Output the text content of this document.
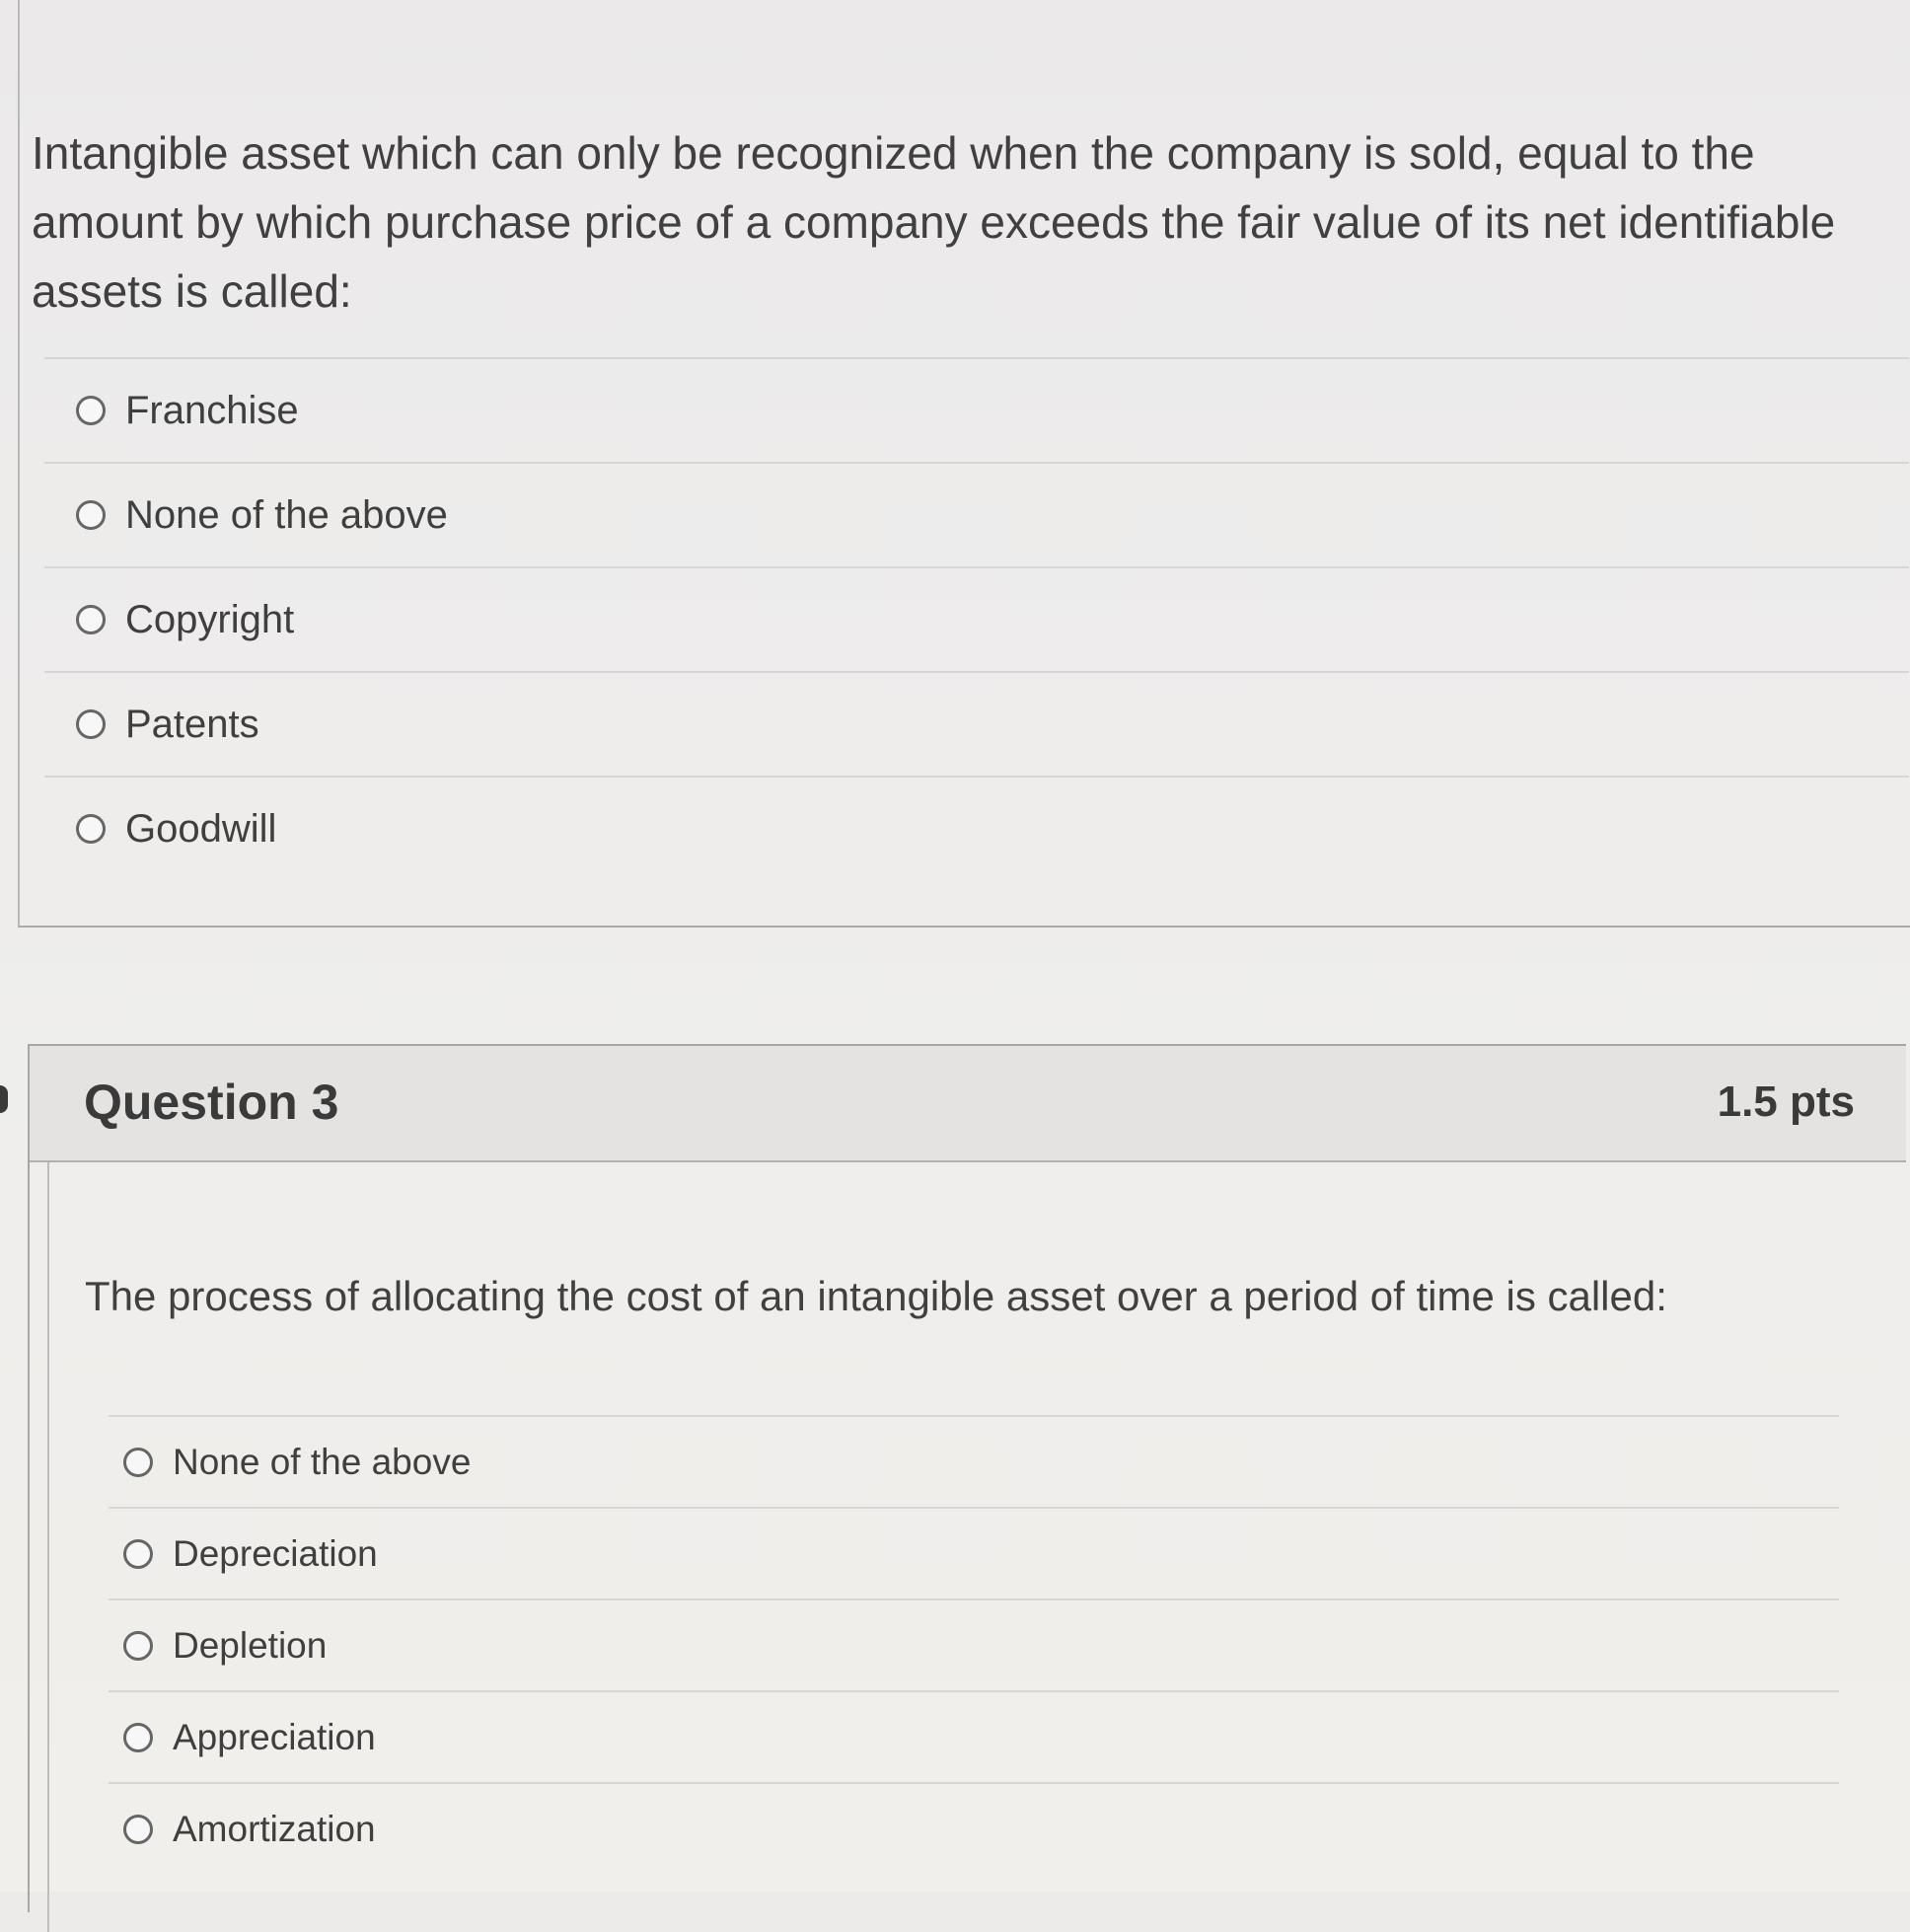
Intangible asset which can only be recognized when the company is sold, equal to the amount by which purchase price of a company exceeds the fair value of its net identifiable assets is called:

Franchise
None of the above
Copyright
Patents
Goodwill
Question 3	1.5 pts

The process of allocating the cost of an intangible asset over a period of time is called:

None of the above
Depreciation
Depletion
Appreciation
Amortization
